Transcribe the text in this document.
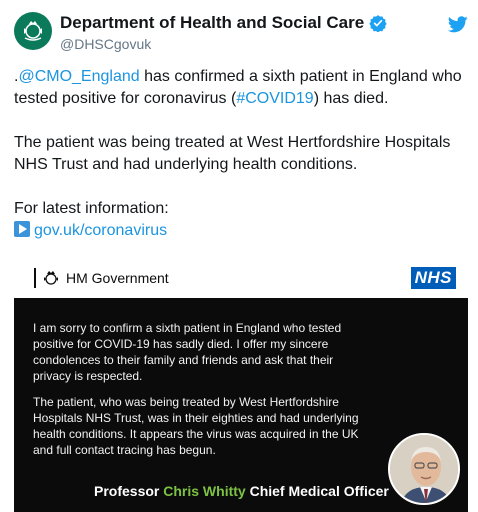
Department of Health and Social Care
@DHSCgovuk

.@CMO_England has confirmed a sixth patient in England who tested positive for coronavirus (#COVID19) has died.

The patient was being treated at West Hertfordshire Hospitals NHS Trust and had underlying health conditions.

For latest information:
gov.uk/coronavirus

HM Government	NHS

I am sorry to confirm a sixth patient in England who tested positive for COVID-19 has sadly died. I offer my sincere condolences to their family and friends and ask that their privacy is respected.

The patient, who was being treated by West Hertfordshire Hospitals NHS Trust, was in their eighties and had underlying health conditions. It appears the virus was acquired in the UK and full contact tracing has begun.

Professor Chris Whitty Chief Medical Officer
